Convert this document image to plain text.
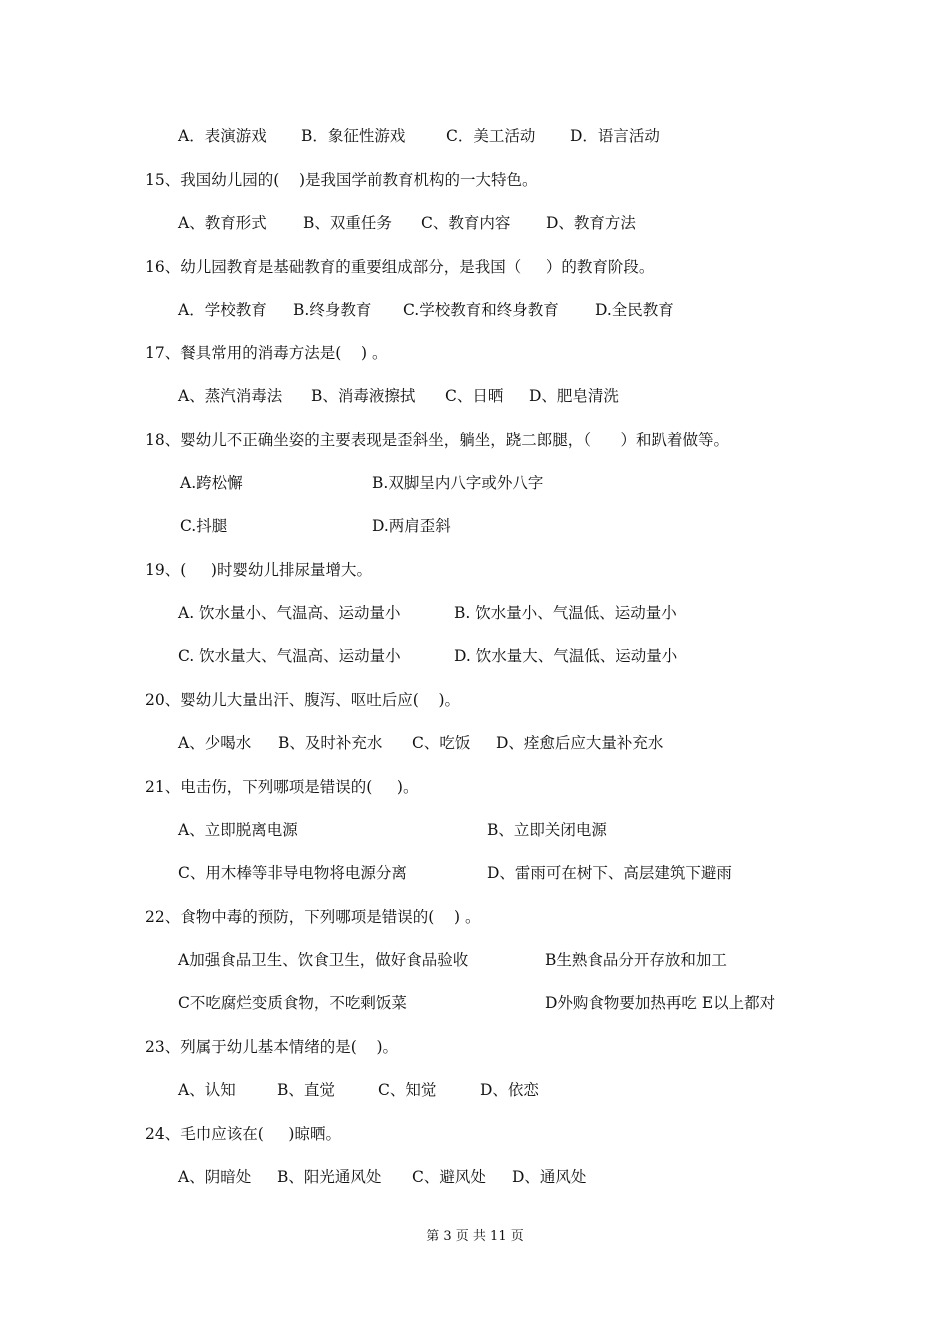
A．表演游戏 B．象征性游戏	C．美工活动 D．语言活动
15、我国幼儿园的(    )是我国学前教育机构的一大特色。
A、教育形式 B、双重任务 C、教育内容 D、教育方法
16、幼儿园教育是基础教育的重要组成部分，是我国（     ）的教育阶段。
A．学校教育 B.终身教育 C.学校教育和终身教育 D.全民教育
17、餐具常用的消毒方法是(    ) 。
A、蒸汽消毒法 B、消毒液擦拭 C、日晒 D、肥皂清洗
18、婴幼儿不正确坐姿的主要表现是歪斜坐，躺坐，跷二郎腿，（      ）和趴着做等。
A.跨松懈	B.双脚呈内八字或外八字
C.抖腿	D.两肩歪斜
19、(     )时婴幼儿排尿量增大。
A. 饮水量小、气温高、运动量小	B. 饮水量小、气温低、运动量小
C. 饮水量大、气温高、运动量小	D. 饮水量大、气温低、运动量小
20、婴幼儿大量出汗、腹泻、呕吐后应(    )。
A、少喝水 B、及时补充水 C、吃饭 D、痊愈后应大量补充水
21、电击伤，下列哪项是错误的(     )。
A、立即脱离电源	B、立即关闭电源
C、用木棒等非导电物将电源分离	D、雷雨可在树下、高层建筑下避雨
22、食物中毒的预防，下列哪项是错误的(    ) 。
A加强食品卫生、饮食卫生，做好食品验收	B生熟食品分开存放和加工
C不吃腐烂变质食物，不吃剩饭菜	D外购食物要加热再吃 E以上都对
23、列属于幼儿基本情绪的是(    )。
A、认知	B、直觉	C、知觉	D、依恋
24、毛巾应该在(     )晾晒。
A、阴暗处 B、阳光通风处 C、避风处 D、通风处
第 3 页 共 11 页
